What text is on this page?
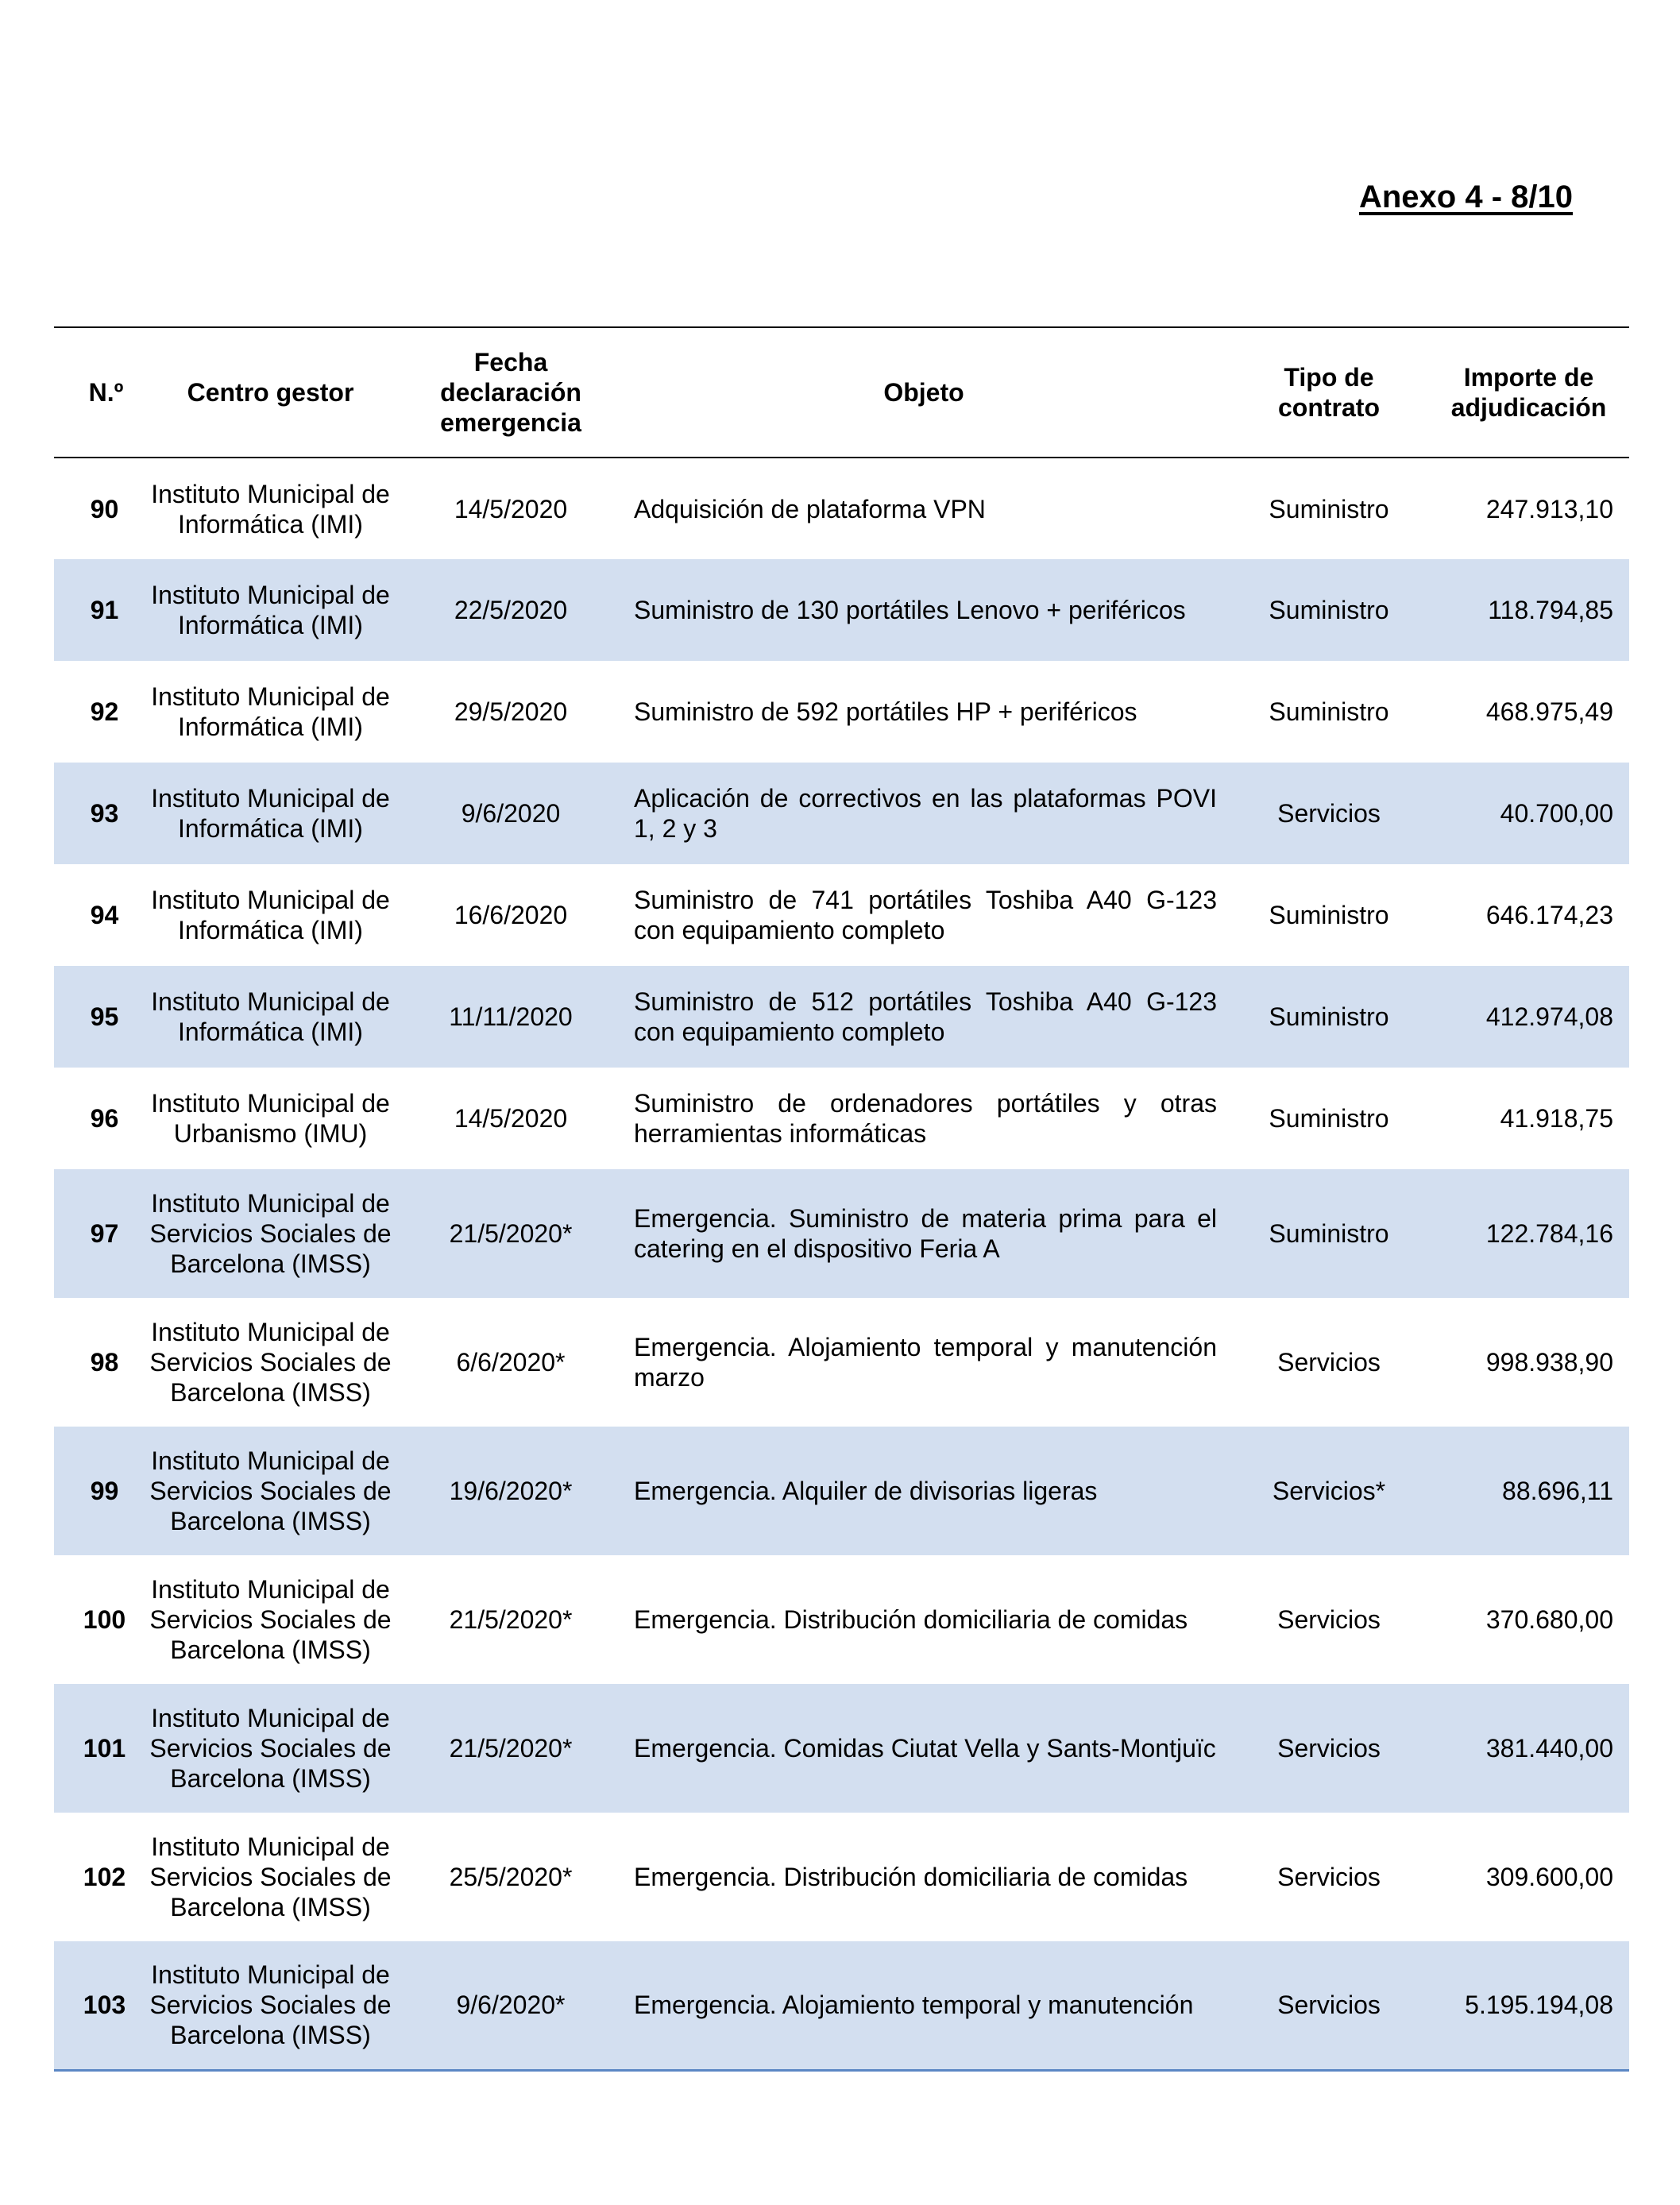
Anexo 4 - 8/10
N.º	Centro gestor	Fecha declaración emergencia	Objeto	Tipo de contrato	Importe de adjudicación
90	Instituto Municipal de Informática (IMI)	14/5/2020	Adquisición de plataforma VPN	Suministro	247.913,10
91	Instituto Municipal de Informática (IMI)	22/5/2020	Suministro de 130 portátiles Lenovo + periféricos	Suministro	118.794,85
92	Instituto Municipal de Informática (IMI)	29/5/2020	Suministro de 592 portátiles HP + periféricos	Suministro	468.975,49
93	Instituto Municipal de Informática (IMI)	9/6/2020	Aplicación de correctivos en las plataformas POVI 1, 2 y 3	Servicios	40.700,00
94	Instituto Municipal de Informática (IMI)	16/6/2020	Suministro de 741 portátiles Toshiba A40 G-123 con equipamiento completo	Suministro	646.174,23
95	Instituto Municipal de Informática (IMI)	11/11/2020	Suministro de 512 portátiles Toshiba A40 G-123 con equipamiento completo	Suministro	412.974,08
96	Instituto Municipal de Urbanismo (IMU)	14/5/2020	Suministro de ordenadores portátiles y otras herramientas informáticas	Suministro	41.918,75
97	Instituto Municipal de Servicios Sociales de Barcelona (IMSS)	21/5/2020*	Emergencia. Suministro de materia prima para el catering en el dispositivo Feria A	Suministro	122.784,16
98	Instituto Municipal de Servicios Sociales de Barcelona (IMSS)	6/6/2020*	Emergencia. Alojamiento temporal y manutención marzo	Servicios	998.938,90
99	Instituto Municipal de Servicios Sociales de Barcelona (IMSS)	19/6/2020*	Emergencia. Alquiler de divisorias ligeras	Servicios*	88.696,11
100	Instituto Municipal de Servicios Sociales de Barcelona (IMSS)	21/5/2020*	Emergencia. Distribución domiciliaria de comidas	Servicios	370.680,00
101	Instituto Municipal de Servicios Sociales de Barcelona (IMSS)	21/5/2020*	Emergencia. Comidas Ciutat Vella y Sants-Montjuïc	Servicios	381.440,00
102	Instituto Municipal de Servicios Sociales de Barcelona (IMSS)	25/5/2020*	Emergencia. Distribución domiciliaria de comidas	Servicios	309.600,00
103	Instituto Municipal de Servicios Sociales de Barcelona (IMSS)	9/6/2020*	Emergencia. Alojamiento temporal y manutención	Servicios	5.195.194,08
